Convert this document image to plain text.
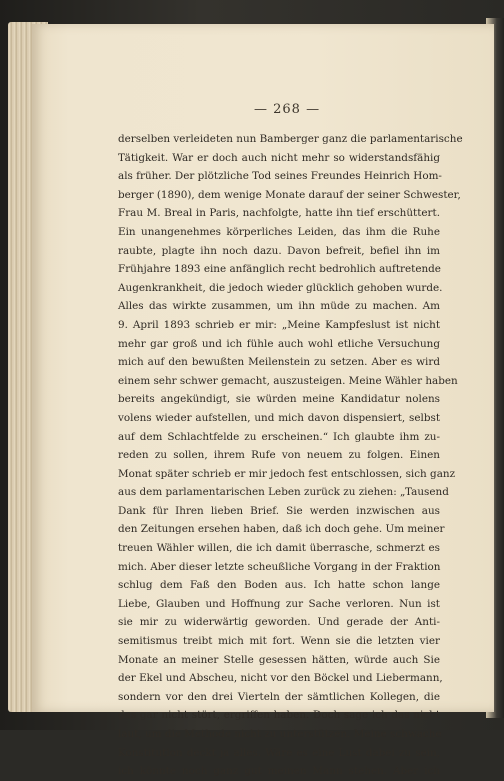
— 268 —
derselben verleideten nun Bamberger ganz die parlamentarische
Tätigkeit. War er doch auch nicht mehr so widerstandsfähig
als früher. Der plötzliche Tod seines Freundes Heinrich Hom-
berger (1890), dem wenige Monate darauf der seiner Schwester,
Frau M. Breal in Paris, nachfolgte, hatte ihn tief erschüttert.
Ein unangenehmes körperliches Leiden, das ihm die Ruhe
raubte, plagte ihn noch dazu. Davon befreit, befiel ihn im
Frühjahre 1893 eine anfänglich recht bedrohlich auftretende
Augenkrankheit, die jedoch wieder glücklich gehoben wurde.
Alles das wirkte zusammen, um ihn müde zu machen. Am
9. April 1893 schrieb er mir: „Meine Kampfeslust ist nicht
mehr gar groß und ich fühle auch wohl etliche Versuchung
mich auf den bewußten Meilenstein zu setzen. Aber es wird
einem sehr schwer gemacht, auszusteigen. Meine Wähler haben
bereits angekündigt, sie würden meine Kandidatur nolens
volens wieder aufstellen, und mich davon dispensiert, selbst
auf dem Schlachtfelde zu erscheinen.“ Ich glaubte ihm zu-
reden zu sollen, ihrem Rufe von neuem zu folgen. Einen
Monat später schrieb er mir jedoch fest entschlossen, sich ganz
aus dem parlamentarischen Leben zurück zu ziehen: „Tausend
Dank für Ihren lieben Brief. Sie werden inzwischen aus
den Zeitungen ersehen haben, daß ich doch gehe. Um meiner
treuen Wähler willen, die ich damit überrasche, schmerzt es
mich. Aber dieser letzte scheußliche Vorgang in der Fraktion
schlug dem Faß den Boden aus. Ich hatte schon lange
Liebe, Glauben und Hoffnung zur Sache verloren. Nun ist
sie mir zu widerwärtig geworden. Und gerade der Anti-
semitismus treibt mich mit fort. Wenn sie die letzten vier
Monate an meiner Stelle gesessen hätten, würde auch Sie
der Ekel und Abscheu, nicht vor den Böckel und Liebermann,
sondern vor den drei Vierteln der sämtlichen Kollegen, die
das gar nicht stört, ergriffen haben. Doch sage ich das nicht
laut, um die Methode nicht zu unterstützen. Meine schwache
Konstitution deckt ja alles. Wäre es eine Lust dabei zu sein,
ich könnte noch ganz gut meinen Mann stehen. Aber ich
